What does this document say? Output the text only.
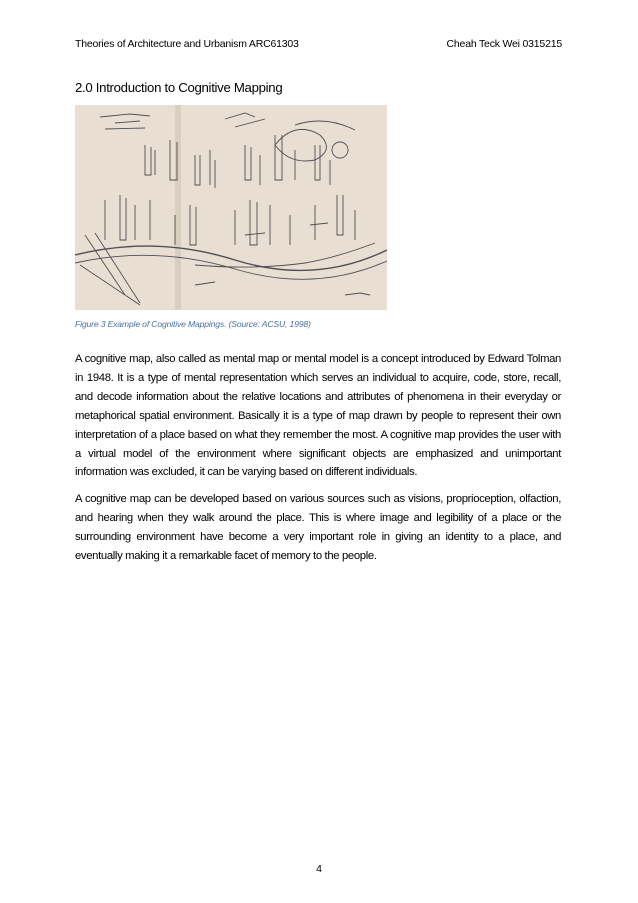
Theories of Architecture and Urbanism ARC61303	Cheah Teck Wei 0315215
2.0 Introduction to Cognitive Mapping
Figure 3 Example of Cognitive Mappings. (Source: ACSU, 1998)

A cognitive map, also called as mental map or mental model is a concept introduced by Edward Tolman in 1948. It is a type of mental representation which serves an individual to acquire, code, store, recall, and decode information about the relative locations and attributes of phenomena in their everyday or metaphorical spatial environment. Basically it is a type of map drawn by people to represent their own interpretation of a place based on what they remember the most. A cognitive map provides the user with a virtual model of the environment where significant objects are emphasized and unimportant information was excluded, it can be varying based on different individuals.

A cognitive map can be developed based on various sources such as visions, proprioception, olfaction, and hearing when they walk around the place. This is where image and legibility of a place or the surrounding environment have become a very important role in giving an identity to a place, and eventually making it a remarkable facet of memory to the people.

4
